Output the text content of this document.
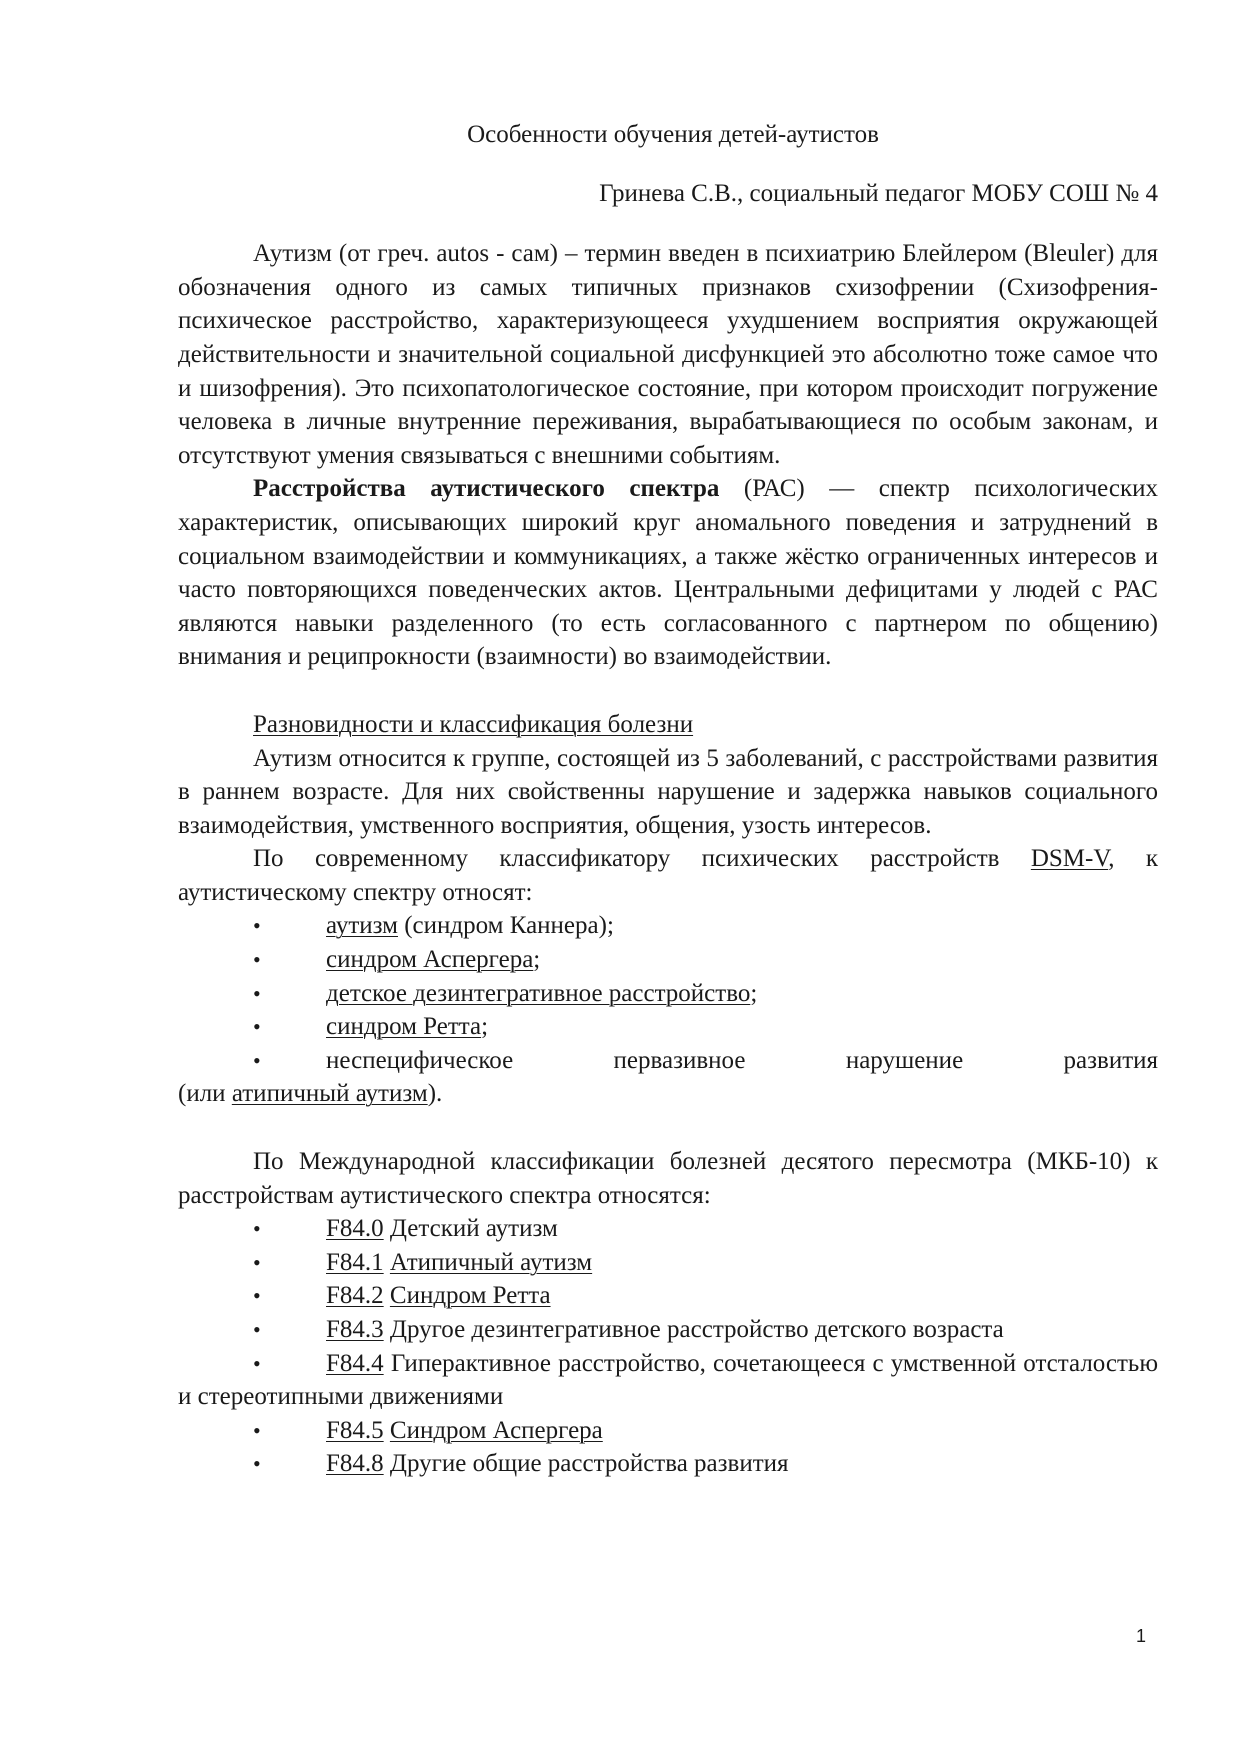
Особенности обучения детей-аутистов

Гринева С.В., социальный педагог МОБУ СОШ № 4

Аутизм (от греч. autos - сам) – термин введен в психиатрию Блейлером (Bleuler) для обозначения одного из самых типичных признаков схизофрении (Схизофрения-психическое расстройство, характеризующееся ухудшением восприятия окружающей действительности и значительной социальной дисфункцией это абсолютно тоже самое что и шизофрения). Это психопатологическое состояние, при котором происходит погружение человека в личные внутренние переживания, вырабатывающиеся по особым законам, и отсутствуют умения связываться с внешними событиям.

Расстройства аутистического спектра (РАС) — спектр психологических характеристик, описывающих широкий круг аномального поведения и затруднений в социальном взаимодействии и коммуникациях, а также жёстко ограниченных интересов и часто повторяющихся поведенческих актов. Центральными дефицитами у людей с РАС являются навыки разделенного (то есть согласованного с партнером по общению) внимания и реципрокности (взаимности) во взаимодействии.

Разновидности и классификация болезни

Аутизм относится к группе, состоящей из 5 заболеваний, с расстройствами развития в раннем возрасте. Для них свойственны нарушение и задержка навыков социального взаимодействия, умственного восприятия, общения, узость интересов.

По современному классификатору психических расстройств DSM-V, к аутистическому спектру относят:

• аутизм (синдром Каннера);
• синдром Аспергера;
• детское дезинтегративное расстройство;
• синдром Ретта;
• неспецифическое первазивное нарушение развития
(или атипичный аутизм).

По Международной классификации болезней десятого пересмотра (МКБ-10) к расстройствам аутистического спектра относятся:

• F84.0 Детский аутизм
• F84.1 Атипичный аутизм
• F84.2 Синдром Ретта
• F84.3 Другое дезинтегративное расстройство детского возраста
• F84.4 Гиперактивное расстройство, сочетающееся с умственной отсталостью и стереотипными движениями
• F84.5 Синдром Аспергера
• F84.8 Другие общие расстройства развития
1
